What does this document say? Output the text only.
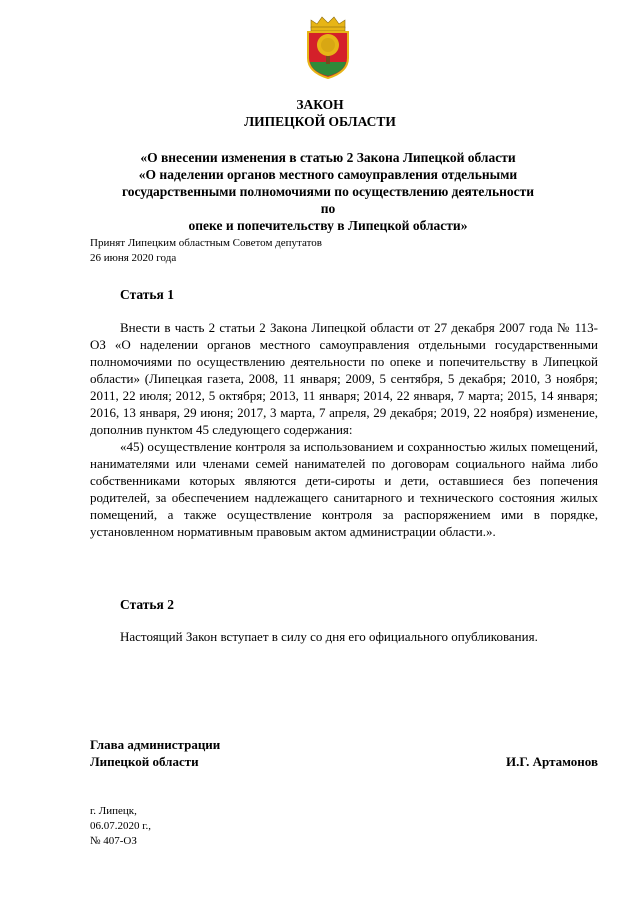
ЗАКОН
ЛИПЕЦКОЙ ОБЛАСТИ
«О внесении изменения в статью 2 Закона Липецкой области
«О наделении органов местного самоуправления отдельными
государственными полномочиями по осуществлению деятельности по
опеке и попечительству в Липецкой области»
Принят Липецким областным Советом депутатов
26 июня 2020 года
Статья 1

Внести в часть 2 статьи 2 Закона Липецкой области от 27 декабря 2007 года № 113-ОЗ «О наделении органов местного самоуправления отдельными государственными полномочиями по осуществлению деятельности по опеке и попечительству в Липецкой области» (Липецкая газета, 2008, 11 января; 2009, 5 сентября, 5 декабря; 2010, 3 ноября; 2011, 22 июля; 2012, 5 октября; 2013, 11 января; 2014, 22 января, 7 марта; 2015, 14 января; 2016, 13 января, 29 июня; 2017, 3 марта, 7 апреля, 29 декабря; 2019, 22 ноября) изменение, дополнив пунктом 45 следующего содержания:

«45) осуществление контроля за использованием и сохранностью жилых помещений, нанимателями или членами семей нанимателей по договорам социального найма либо собственниками которых являются дети-сироты и дети, оставшиеся без попечения родителей, за обеспечением надлежащего санитарного и технического состояния жилых помещений, а также осуществление контроля за распоряжением ими в порядке, установленном нормативным правовым актом администрации области.».

Статья 2

Настоящий Закон вступает в силу со дня его официального опубликования.

Глава администрации
Липецкой области	И.Г. Артамонов
г. Липецк,
06.07.2020 г.,
№ 407-ОЗ
